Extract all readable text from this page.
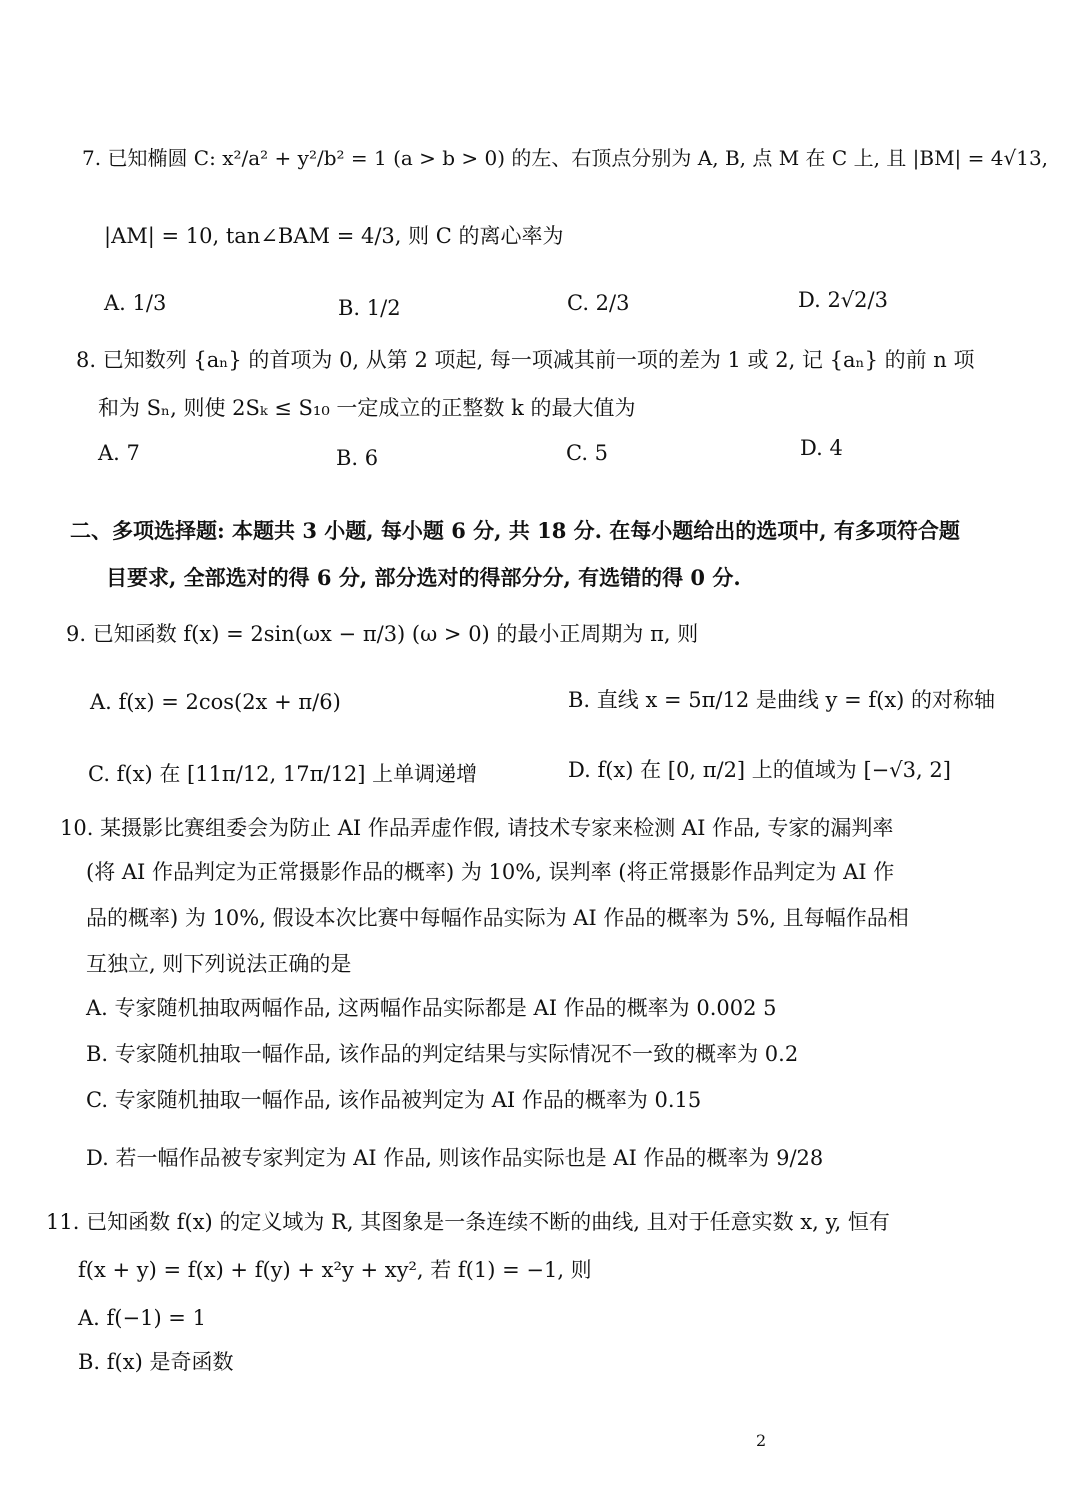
7. 已知椭圆 C: x²/a² + y²/b² = 1 (a > b > 0) 的左、右顶点分别为 A, B, 点 M 在 C 上, 且 |BM| = 4√13,
|AM| = 10, tan∠BAM = 4/3, 则 C 的离心率为
A. 1/3	B. 1/2	C. 2/3	D. 2√2/3
8. 已知数列 {aₙ} 的首项为 0, 从第 2 项起, 每一项减其前一项的差为 1 或 2, 记 {aₙ} 的前 n 项
和为 Sₙ, 则使 2Sₖ ≤ S₁₀ 一定成立的正整数 k 的最大值为
A. 7	B. 6	C. 5	D. 4
二、多项选择题: 本题共 3 小题, 每小题 6 分, 共 18 分. 在每小题给出的选项中, 有多项符合题
目要求, 全部选对的得 6 分, 部分选对的得部分分, 有选错的得 0 分.
9. 已知函数 f(x) = 2sin(ωx − π/3) (ω > 0) 的最小正周期为 π, 则
A. f(x) = 2cos(2x + π/6)	B. 直线 x = 5π/12 是曲线 y = f(x) 的对称轴
C. f(x) 在 [11π/12, 17π/12] 上单调递增	D. f(x) 在 [0, π/2] 上的值域为 [−√3, 2]
10. 某摄影比赛组委会为防止 AI 作品弄虚作假, 请技术专家来检测 AI 作品, 专家的漏判率
(将 AI 作品判定为正常摄影作品的概率) 为 10%, 误判率 (将正常摄影作品判定为 AI 作
品的概率) 为 10%, 假设本次比赛中每幅作品实际为 AI 作品的概率为 5%, 且每幅作品相
互独立, 则下列说法正确的是
A. 专家随机抽取两幅作品, 这两幅作品实际都是 AI 作品的概率为 0.002 5
B. 专家随机抽取一幅作品, 该作品的判定结果与实际情况不一致的概率为 0.2
C. 专家随机抽取一幅作品, 该作品被判定为 AI 作品的概率为 0.15
D. 若一幅作品被专家判定为 AI 作品, 则该作品实际也是 AI 作品的概率为 9/28
11. 已知函数 f(x) 的定义域为 R, 其图象是一条连续不断的曲线, 且对于任意实数 x, y, 恒有
f(x + y) = f(x) + f(y) + x²y + xy², 若 f(1) = −1, 则
A. f(−1) = 1
B. f(x) 是奇函数
2
